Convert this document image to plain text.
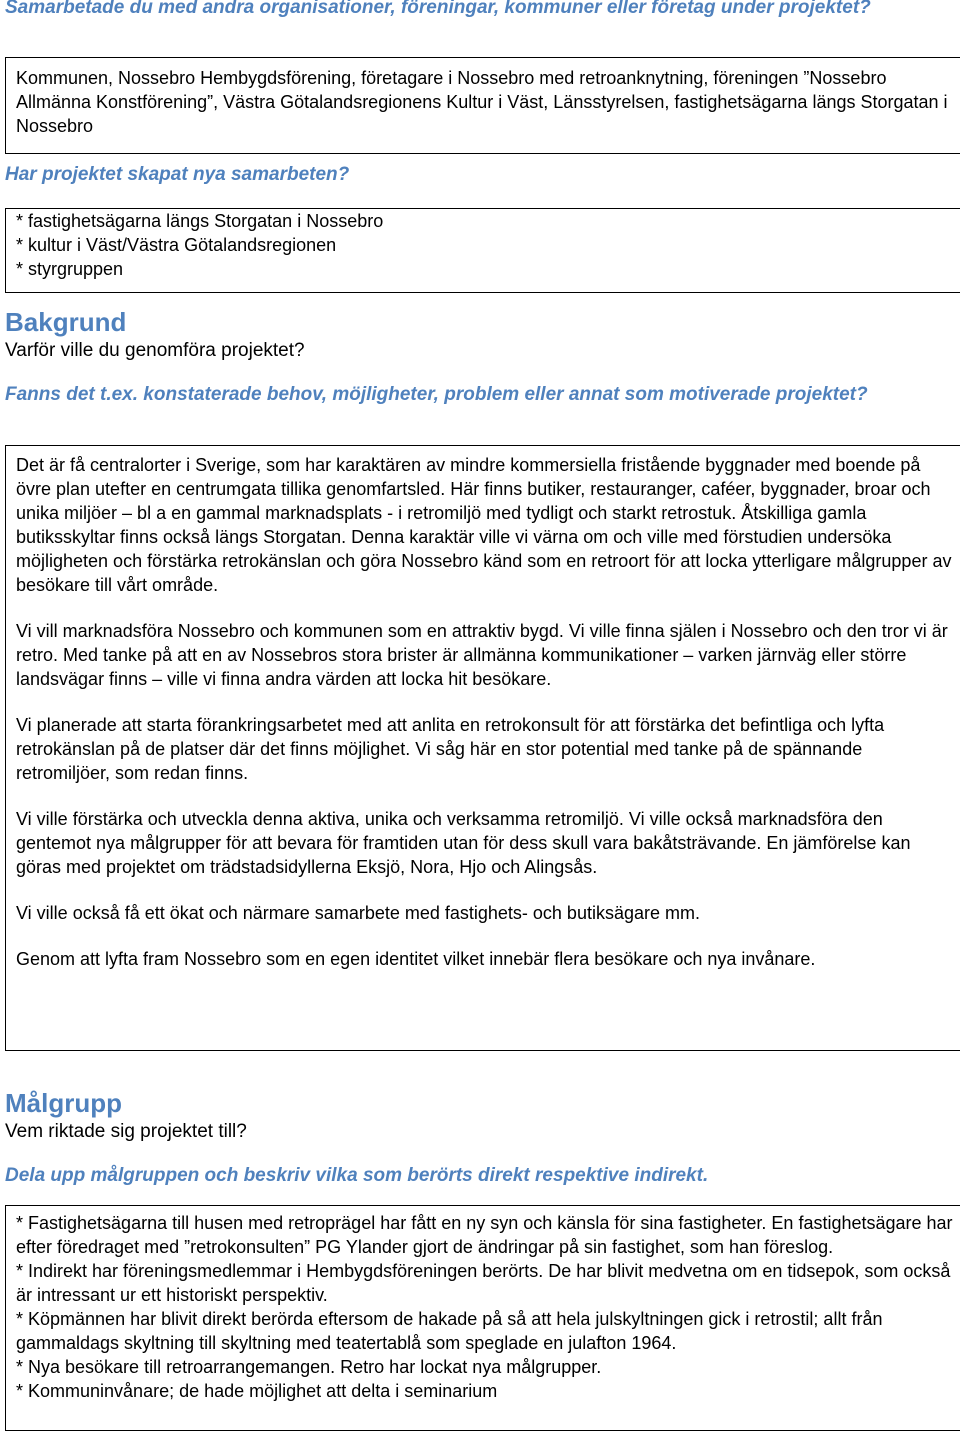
Samarbetade du med andra organisationer, föreningar, kommuner eller företag under projektet?

Kommunen, Nossebro Hembygdsförening, företagare i Nossebro med retroanknytning, föreningen ”Nossebro Allmänna Konstförening”, Västra Götalandsregionens Kultur i Väst, Länsstyrelsen, fastighetsägarna längs Storgatan i Nossebro

Har projektet skapat nya samarbeten?

* fastighetsägarna längs Storgatan i Nossebro
* kultur i Väst/Västra Götalandsregionen
* styrgruppen
Bakgrund

Varför ville du genomföra projektet?

Fanns det t.ex. konstaterade behov, möjligheter, problem eller annat som motiverade projektet?

Det är få centralorter i Sverige, som har karaktären av mindre kommersiella fristående byggnader med boende på övre plan utefter en centrumgata tillika genomfartsled. Här finns butiker, restauranger, caféer, byggnader, broar och unika miljöer – bl a en gammal marknadsplats - i retromiljö med tydligt och starkt retrostuk. Åtskilliga gamla butiksskyltar finns också längs Storgatan. Denna karaktär ville vi värna om och ville med förstudien undersöka möjligheten och förstärka retrokänslan och göra Nossebro känd som en retroort för att locka ytterligare målgrupper av besökare till vårt område.

Vi vill marknadsföra Nossebro och kommunen som en attraktiv bygd. Vi ville finna själen i Nossebro och den tror vi är retro. Med tanke på att en av Nossebros stora brister är allmänna kommunikationer – varken järnväg eller större landsvägar finns – ville vi finna andra värden att locka hit besökare.

Vi planerade att starta förankringsarbetet med att anlita en retrokonsult för att förstärka det befintliga och lyfta retrokänslan på de platser där det finns möjlighet. Vi såg här en stor potential med tanke på de spännande retromiljöer, som redan finns.

Vi ville förstärka och utveckla denna aktiva, unika och verksamma retromiljö. Vi ville också marknadsföra den gentemot nya målgrupper för att bevara för framtiden utan för dess skull vara bakåtsträvande. En jämförelse kan göras med projektet om trädstadsidyllerna Eksjö, Nora, Hjo och Alingsås.

Vi ville också få ett ökat och närmare samarbete med fastighets- och butiksägare mm.

Genom att lyfta fram Nossebro som en egen identitet vilket innebär flera besökare och nya invånare.

Målgrupp

Vem riktade sig projektet till?

Dela upp målgruppen och beskriv vilka som berörts direkt respektive indirekt.

* Fastighetsägarna till husen med retroprägel har fått en ny syn och känsla för sina fastigheter. En fastighetsägare har efter föredraget med ”retrokonsulten” PG Ylander gjort de ändringar på sin fastighet, som han föreslog.

* Indirekt har föreningsmedlemmar i Hembygdsföreningen berörts. De har blivit medvetna om en tidsepok, som också är intressant ur ett historiskt perspektiv.

* Köpmännen har blivit direkt berörda eftersom de hakade på så att hela julskyltningen gick i retrostil; allt från gammaldags skyltning till skyltning med teatertablå som speglade en julafton 1964.

* Nya besökare till retroarrangemangen. Retro har lockat nya målgrupper.

* Kommuninvånare; de hade möjlighet att delta i seminarium
